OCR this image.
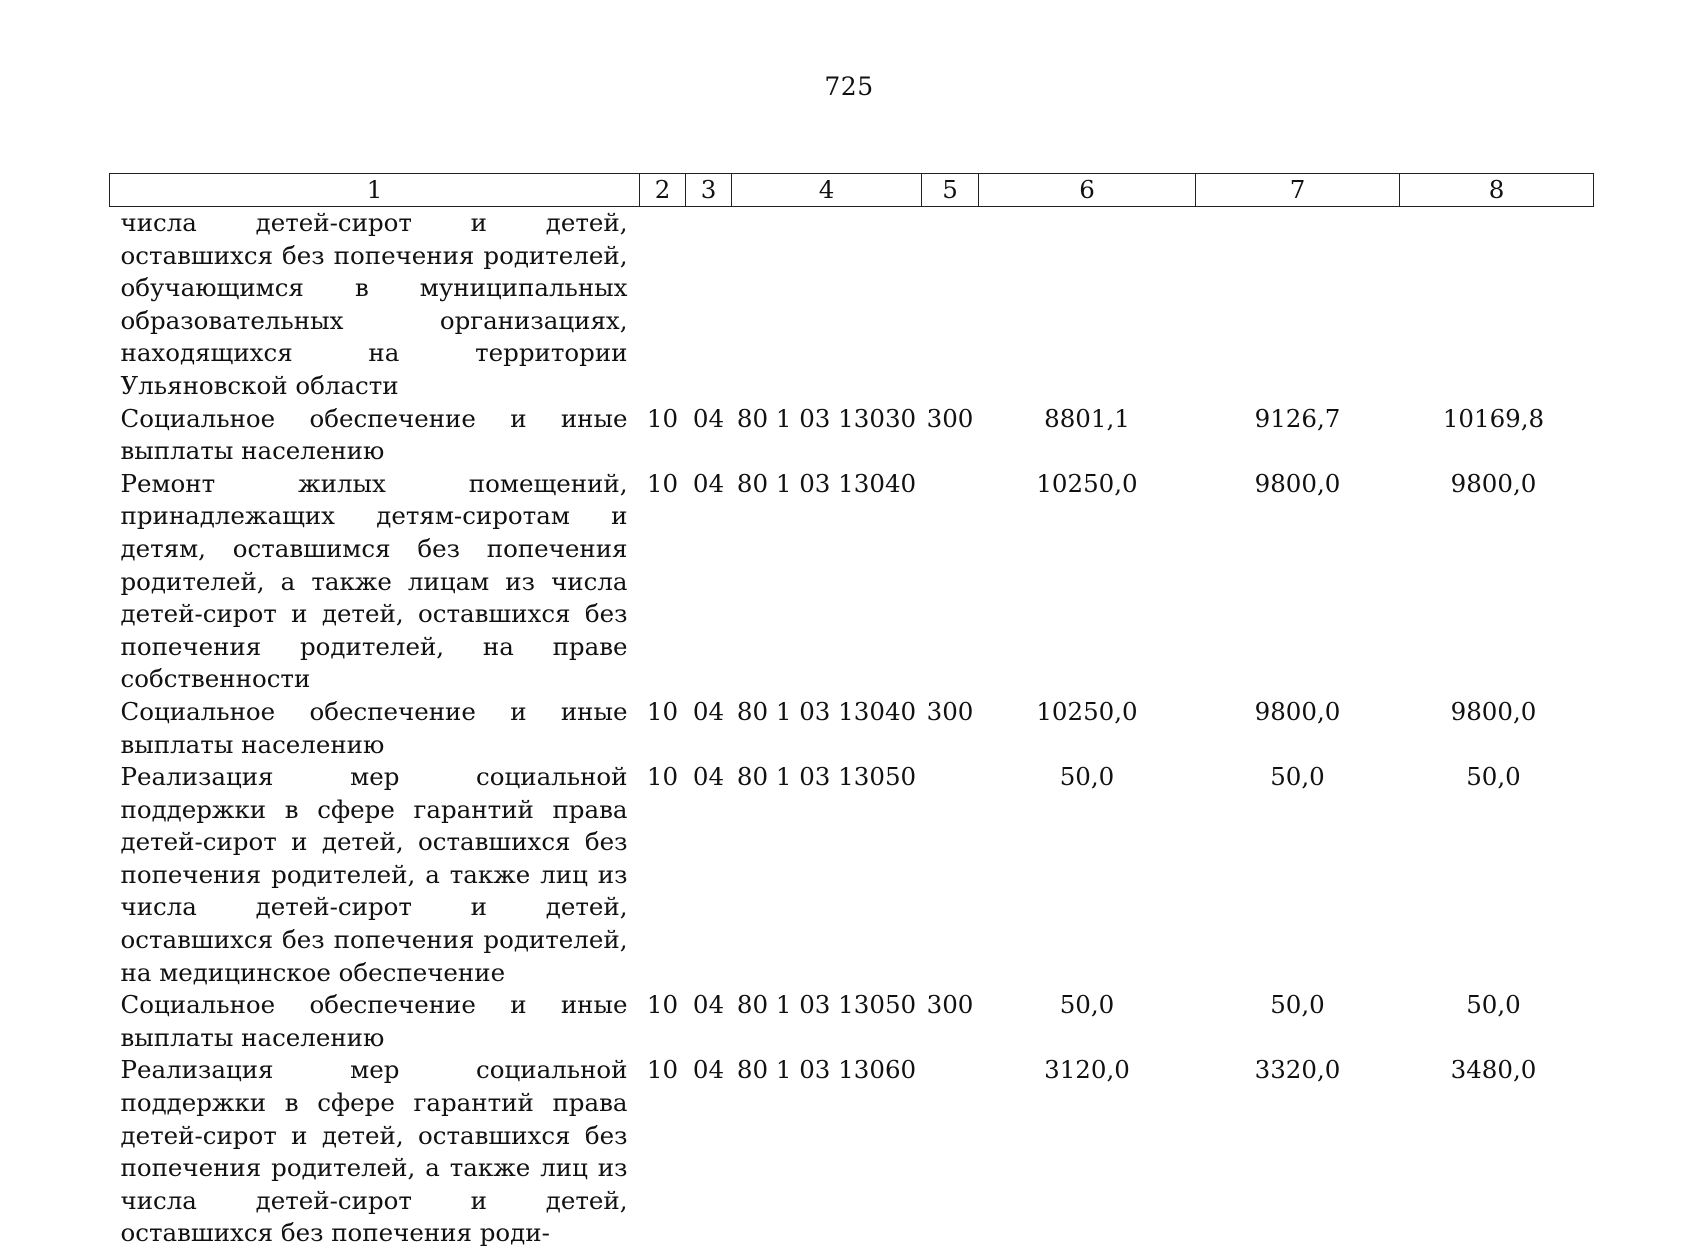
725
1	2	3	4	5	6	7	8
числа детей-сирот и детей, оставшихся без попечения родителей, обучающимся в муниципальных образовательных организациях, находящихся на территории Ульяновской области							
Социальное обеспечение и иные выплаты населению	10	04	80 1 03 13030	300	8801,1	9126,7	10169,8
Ремонт жилых помещений, принадлежащих детям-сиротам и детям, оставшимся без попечения родителей, а также лицам из числа детей-сирот и детей, оставшихся без попечения родителей, на праве собственности	10	04	80 1 03 13040		10250,0	9800,0	9800,0
Социальное обеспечение и иные выплаты населению	10	04	80 1 03 13040	300	10250,0	9800,0	9800,0
Реализация мер социальной поддержки в сфере гарантий права детей-сирот и детей, оставшихся без попечения родителей, а также лиц из числа детей-сирот и детей, оставшихся без попечения родителей, на медицинское обеспечение	10	04	80 1 03 13050		50,0	50,0	50,0
Социальное обеспечение и иные выплаты населению	10	04	80 1 03 13050	300	50,0	50,0	50,0
Реализация мер социальной поддержки в сфере гарантий права детей-сирот и детей, оставшихся без попечения родителей, а также лиц из числа детей-сирот и детей, оставшихся без попечения роди-	10	04	80 1 03 13060		3120,0	3320,0	3480,0
